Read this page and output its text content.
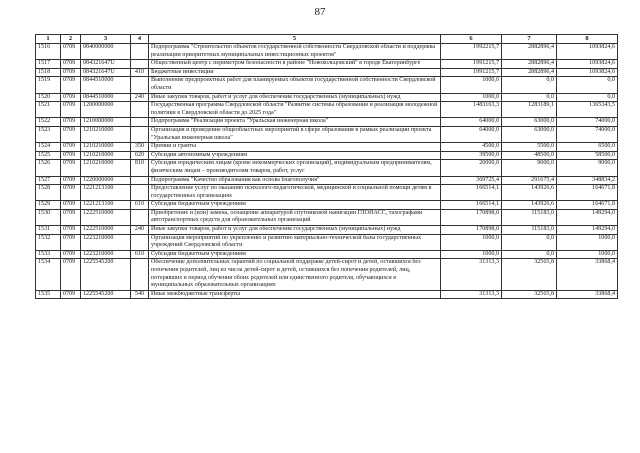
87
1	2	3	4	5	6	7	8
1516	0709	0840000000		Подпрограмма "Строительство объектов государственной собственности Свердловской области и поддержка реализации приоритетных муниципальных инвестиционных проектов"	1992215,7	2882896,4	1093824,6
1517	0709	084321647U		Общественный центр с периметром безопасности в районе "Новокольцовский" в городе Екатеринбурге	1991215,7	2882896,4	1093824,6
1518	0709	084321647U	410	Бюджетные инвестиции	1991215,7	2882896,4	1093824,6
1519	0709	0844510000		Выполнение предпроектных работ для планируемых объектов государственной собственности Свердловской области	1000,0	0,0	0,0
1520	0709	0844510000	240	Иные закупки товаров, работ и услуг для обеспечения государственных (муниципальных) нужд	1000,0	0,0	0,0
1521	0709	1200000000		Государственная программа Свердловской области "Развитие системы образования и реализация молодежной политики в Свердловской области до 2025 года"	1483163,3	1283189,1	1365343,5
1522	0709	1210000000		Подпрограмма "Реализация проекта "Уральская инженерная школа"	64000,0	63000,0	74000,0
1523	0709	1210210000		Организация и проведение общеобластных мероприятий в сфере образования в рамках реализации проекта "Уральская инженерная школа"	64000,0	63000,0	74000,0
1524	0709	1210210000	350	Премии и гранты	4500,0	5500,0	6500,0
1525	0709	1210210000	620	Субсидии автономным учреждениям	39500,0	48500,0	58500,0
1526	0709	1210210000	810	Субсидии юридическим лицам (кроме некоммерческих организаций), индивидуальным предпринимателям, физическим лицам – производителям товаров, работ, услуг	20000,0	9000,0	9000,0
1527	0709	1220000000		Подпрограмма "Качество образования как основа благополучия"	369725,4	291675,4	348834,2
1528	0709	1221213100		Предоставление услуг по оказанию психолого-педагогической, медицинской и социальной помощи детям в государственных организациях	166514,1	143926,6	164671,8
1529	0709	1221213100	610	Субсидии бюджетным учреждениям	166514,1	143926,6	164671,8
1530	0709	1222510000		Приобретение и (или) замена, оснащение аппаратурой спутниковой навигации ГЛОНАСС, тахографами автотранспортных средств для образовательных организаций	170898,0	115183,0	149294,0
1531	0709	1222510000	240	Иные закупки товаров, работ и услуг для обеспечения государственных (муниципальных) нужд	170898,0	115183,0	149294,0
1532	0709	1223210000		Организация мероприятий по укреплению и развитию материально-технической базы государственных учреждений Свердловской области	1000,0	0,0	1000,0
1533	0709	1223210000	610	Субсидии бюджетным учреждениям	1000,0	0,0	1000,0
1534	0709	1225545200		Обеспечение дополнительных гарантий по социальной поддержке детей-сирот и детей, оставшихся без попечения родителей, лиц из числа детей-сирот и детей, оставшихся без попечения родителей, лиц, потерявших в период обучения обоих родителей или единственного родителя, обучающихся в муниципальных образовательных организациях	31313,3	32565,8	33868,4
1535	0709	1225545200	540	Иные межбюджетные трансферты	31313,3	32565,8	33868,4
